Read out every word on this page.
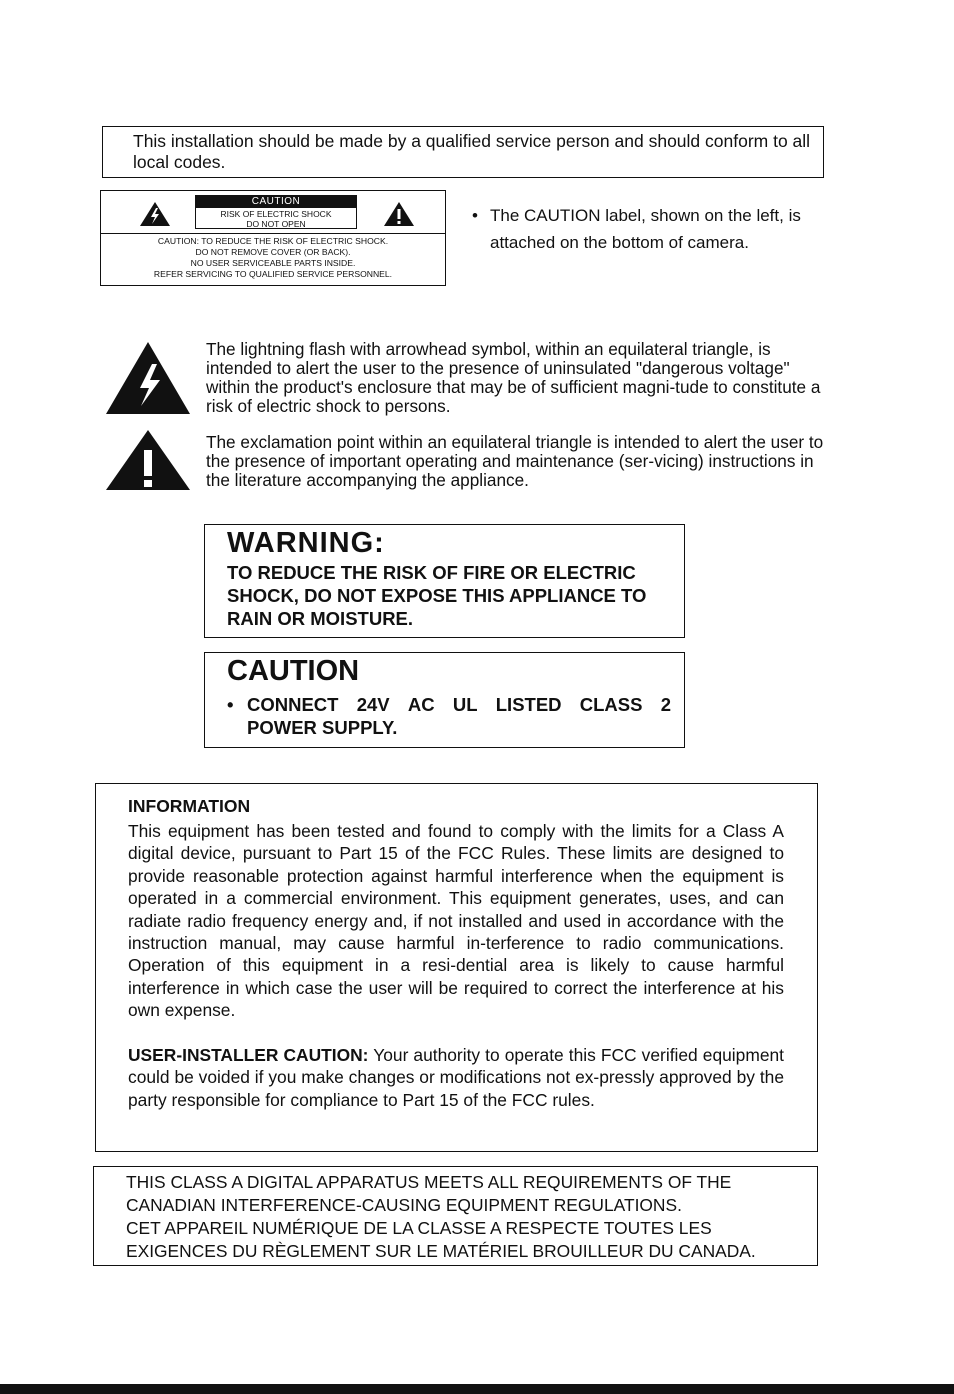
This installation should be made by a qualified service person and should conform to all local codes.

CAUTION
RISK OF ELECTRIC SHOCK
DO NOT OPEN
CAUTION: TO REDUCE THE RISK OF ELECTRIC SHOCK.
DO NOT REMOVE COVER (OR BACK).
NO USER SERVICEABLE PARTS INSIDE.
REFER SERVICING TO QUALIFIED SERVICE PERSONNEL.
• The CAUTION label, shown on the left, is attached on the bottom of camera.
The lightning flash with arrowhead symbol, within an equilateral triangle, is intended to alert the user to the presence of uninsulated "dangerous voltage" within the product's enclosure that may be of sufficient magni-tude to constitute a risk of electric shock to persons.
The exclamation point within an equilateral triangle is intended to alert the user to the presence of important operating and maintenance (ser-vicing) instructions in the literature accompanying the appliance.
WARNING:
TO REDUCE THE RISK OF FIRE OR ELECTRIC SHOCK, DO NOT EXPOSE THIS APPLIANCE TO RAIN OR MOISTURE.
CAUTION
• CONNECT 24V AC UL LISTED CLASS 2
POWER SUPPLY.
INFORMATION

This equipment has been tested and found to comply with the limits for a Class A digital device, pursuant to Part 15 of the FCC Rules. These limits are designed to provide reasonable protection against harmful interference when the equipment is operated in a commercial environment. This equipment generates, uses, and can radiate radio frequency energy and, if not installed and used in accordance with the instruction manual, may cause harmful in-terference to radio communications. Operation of this equipment in a resi-dential area is likely to cause harmful interference in which case the user will be required to correct the interference at his own expense.

USER-INSTALLER CAUTION: Your authority to operate this FCC verified equipment could be voided if you make changes or modifications not ex-pressly approved by the party responsible for compliance to Part 15 of the FCC rules.

THIS CLASS A DIGITAL APPARATUS MEETS ALL REQUIREMENTS OF THE

CANADIAN INTERFERENCE-CAUSING EQUIPMENT REGULATIONS.

CET APPAREIL NUMÉRIQUE DE LA CLASSE A RESPECTE TOUTES LES

EXIGENCES DU RÈGLEMENT SUR LE MATÉRIEL BROUILLEUR DU CANADA.
